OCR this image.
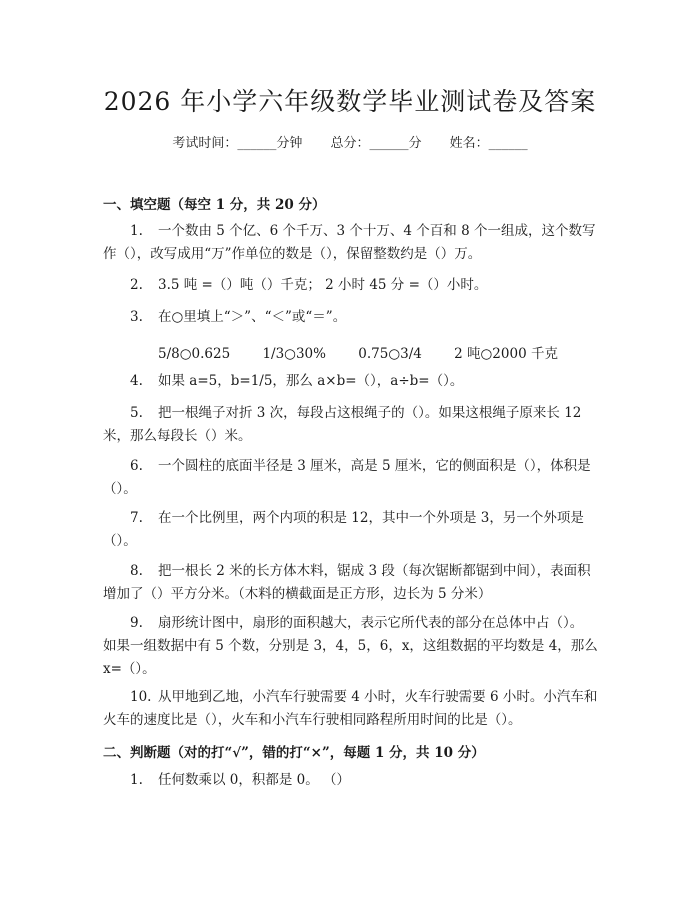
2026 年小学六年级数学毕业测试卷及答案
考试时间：______分钟 总分：______分 姓名：______
一、填空题（每空 1 分，共 20 分）
1. 一个数由 5 个亿、6 个千万、3 个十万、4 个百和 8 个一组成，这个数写
作（），改写成用“万”作单位的数是（），保留整数约是（）万。
2. 3.5 吨 =（）吨（）千克； 2 小时 45 分 =（）小时。
3. 在○里填上“＞”、“＜”或“＝”。
5/8○0.625 1/3○30% 0.75○3/4 2 吨○2000 千克
4. 如果 a=5，b=1/5，那么 a×b=（），a÷b=（）。
5. 把一根绳子对折 3 次，每段占这根绳子的（）。如果这根绳子原来长 12
米，那么每段长（）米。
6. 一个圆柱的底面半径是 3 厘米，高是 5 厘米，它的侧面积是（），体积是
（）。
7. 在一个比例里，两个内项的积是 12，其中一个外项是 3，另一个外项是
（）。
8. 把一根长 2 米的长方体木料，锯成 3 段（每次锯断都锯到中间），表面积
增加了（）平方分米。（木料的横截面是正方形，边长为 5 分米）
9. 扇形统计图中，扇形的面积越大，表示它所代表的部分在总体中占（）。
如果一组数据中有 5 个数，分别是 3，4，5，6，x，这组数据的平均数是 4，那么
x=（）。
10. 从甲地到乙地，小汽车行驶需要 4 小时，火车行驶需要 6 小时。小汽车和
火车的速度比是（），火车和小汽车行驶相同路程所用时间的比是（）。
二、判断题（对的打“√”，错的打“×”，每题 1 分，共 10 分）
1. 任何数乘以 0，积都是 0。 （）
